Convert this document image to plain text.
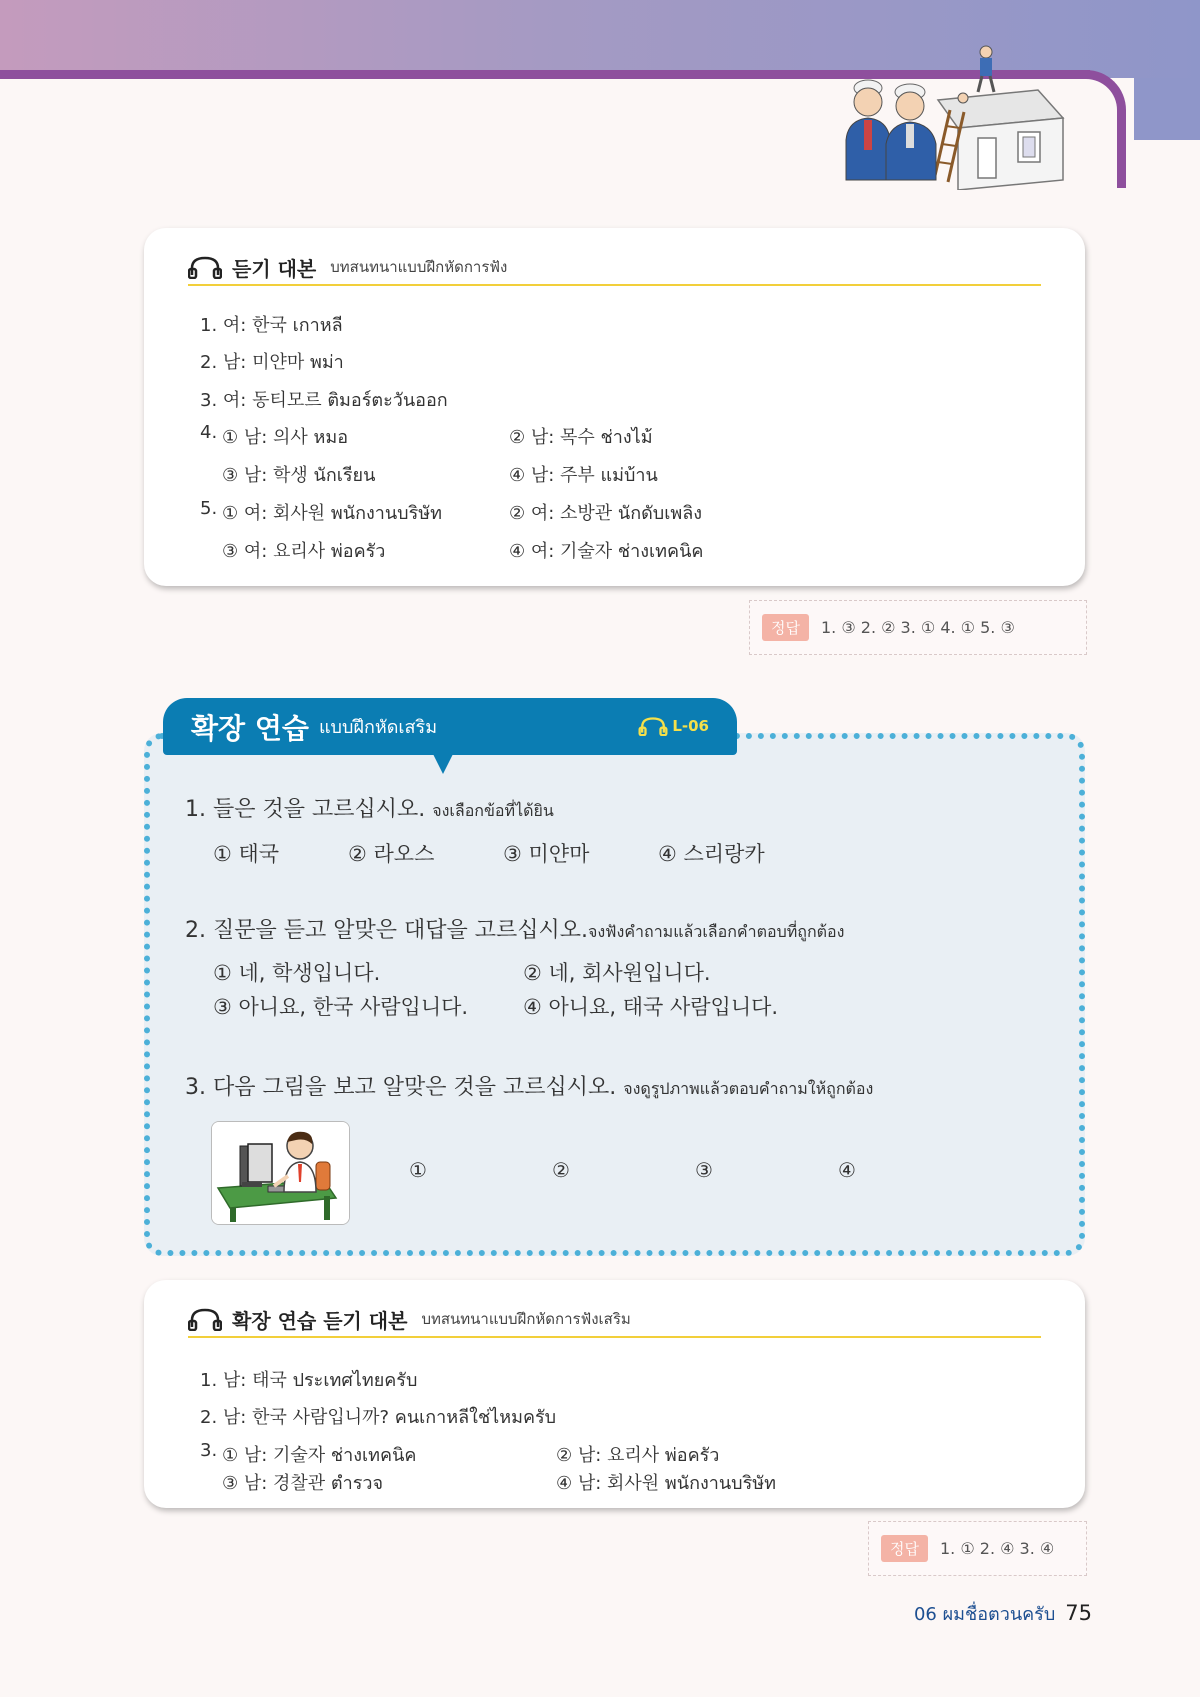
듣기 대본 บทสนทนาแบบฝึกหัดการฟัง
1. 여: 한국 เกาหลี
2. 남: 미얀마 พม่า
3. 여: 동티모르 ติมอร์ตะวันออก
4. ① 남: 의사 หมอ	② 남: 목수 ช่างไม้
③ 남: 학생 นักเรียน	④ 남: 주부 แม่บ้าน
5. ① 여: 회사원 พนักงานบริษัท	② 여: 소방관 นักดับเพลิง
③ 여: 요리사 พ่อครัว	④ 여: 기술자 ช่างเทคนิค
정답	1. ③ 2. ② 3. ① 4. ① 5. ③
확장 연습 แบบฝึกหัดเสริม	L-06
1. 들은 것을 고르십시오. จงเลือกข้อที่ได้ยิน
① 태국	② 라오스	③ 미얀마	④ 스리랑카
2. 질문을 듣고 알맞은 대답을 고르십시오.จงฟังคำถามแล้วเลือกคำตอบที่ถูกต้อง
① 네, 학생입니다.	② 네, 회사원입니다.
③ 아니요, 한국 사람입니다.	④ 아니요, 태국 사람입니다.
3. 다음 그림을 보고 알맞은 것을 고르십시오. จงดูรูปภาพแล้วตอบคำถามให้ถูกต้อง
①	②	③	④
확장 연습 듣기 대본 บทสนทนาแบบฝึกหัดการฟังเสริม
1. 남: 태국 ประเทศไทยครับ
2. 남: 한국 사람입니까? คนเกาหลีใช่ไหมครับ
3. ① 남: 기술자 ช่างเทคนิค	② 남: 요리사 พ่อครัว
③ 남: 경찰관 ตำรวจ	④ 남: 회사원 พนักงานบริษัท
정답	1. ① 2. ④ 3. ④
06 ผมชื่อตวนครับ 75
